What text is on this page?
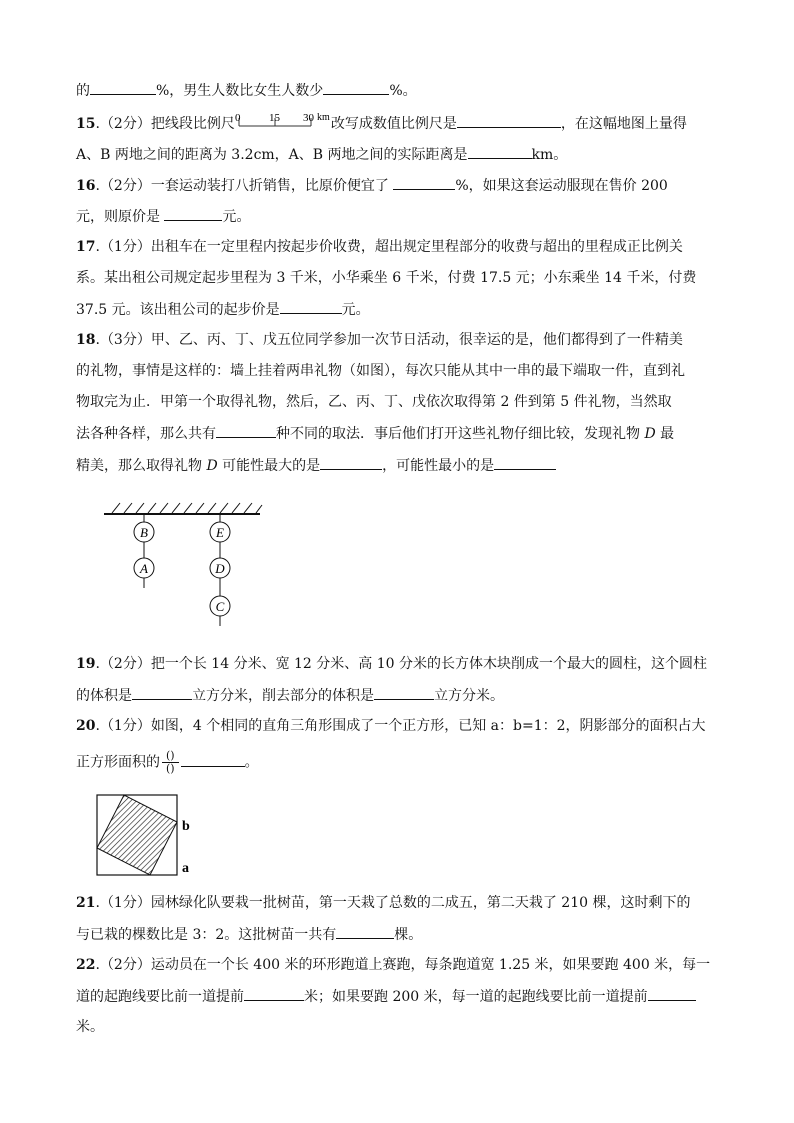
的	%，男生人数比女生人数少	%。
15.（2分）把线段比例尺 0	15 30 km 改写成数值比例尺是	，在这幅地图上量得
A、B 两地之间的距离为 3.2cm，A、B 两地之间的实际距离是	km。
16.（2分）一套运动装打八折销售，比原价便宜了	%，如果这套运动服现在售价 200
元，则原价是	元。
17.（1分）出租车在一定里程内按起步价收费，超出规定里程部分的收费与超出的里程成正比例关
系。某出租公司规定起步里程为 3 千米，小华乘坐 6 千米，付费 17.5 元；小东乘坐 14 千米，付费
37.5 元。该出租公司的起步价是	元。
18.（3分）甲、乙、丙、丁、戊五位同学参加一次节日活动，很幸运的是，他们都得到了一件精美
的礼物，事情是这样的：墙上挂着两串礼物（如图），每次只能从其中一串的最下端取一件，直到礼
物取完为止．甲第一个取得礼物，然后，乙、丙、丁、戊依次取得第 2 件到第 5 件礼物，当然取
法各种各样，那么共有	种不同的取法．事后他们打开这些礼物仔细比较，发现礼物 D 最
精美，那么取得礼物 D 可能性最大的是	，可能性最小的是
B
A
E
D
C
19.（2分）把一个长 14 分米、宽 12 分米、高 10 分米的长方体木块削成一个最大的圆柱，这个圆柱
的体积是	立方分米，削去部分的体积是	立方分米。
20.（1分）如图，4 个相同的直角三角形围成了一个正方形，已知 a：b=1：2，阴影部分的面积占大
正方形面积的 $\frac{()}{()}$	。
b
a
21.（1分）园林绿化队要栽一批树苗，第一天栽了总数的二成五，第二天栽了 210 棵，这时剩下的
与已栽的棵数比是 3：2。这批树苗一共有	棵。
22.（2分）运动员在一个长 400 米的环形跑道上赛跑，每条跑道宽 1.25 米，如果要跑 400 米，每一
道的起跑线要比前一道提前	米；如果要跑 200 米，每一道的起跑线要比前一道提前
米。
